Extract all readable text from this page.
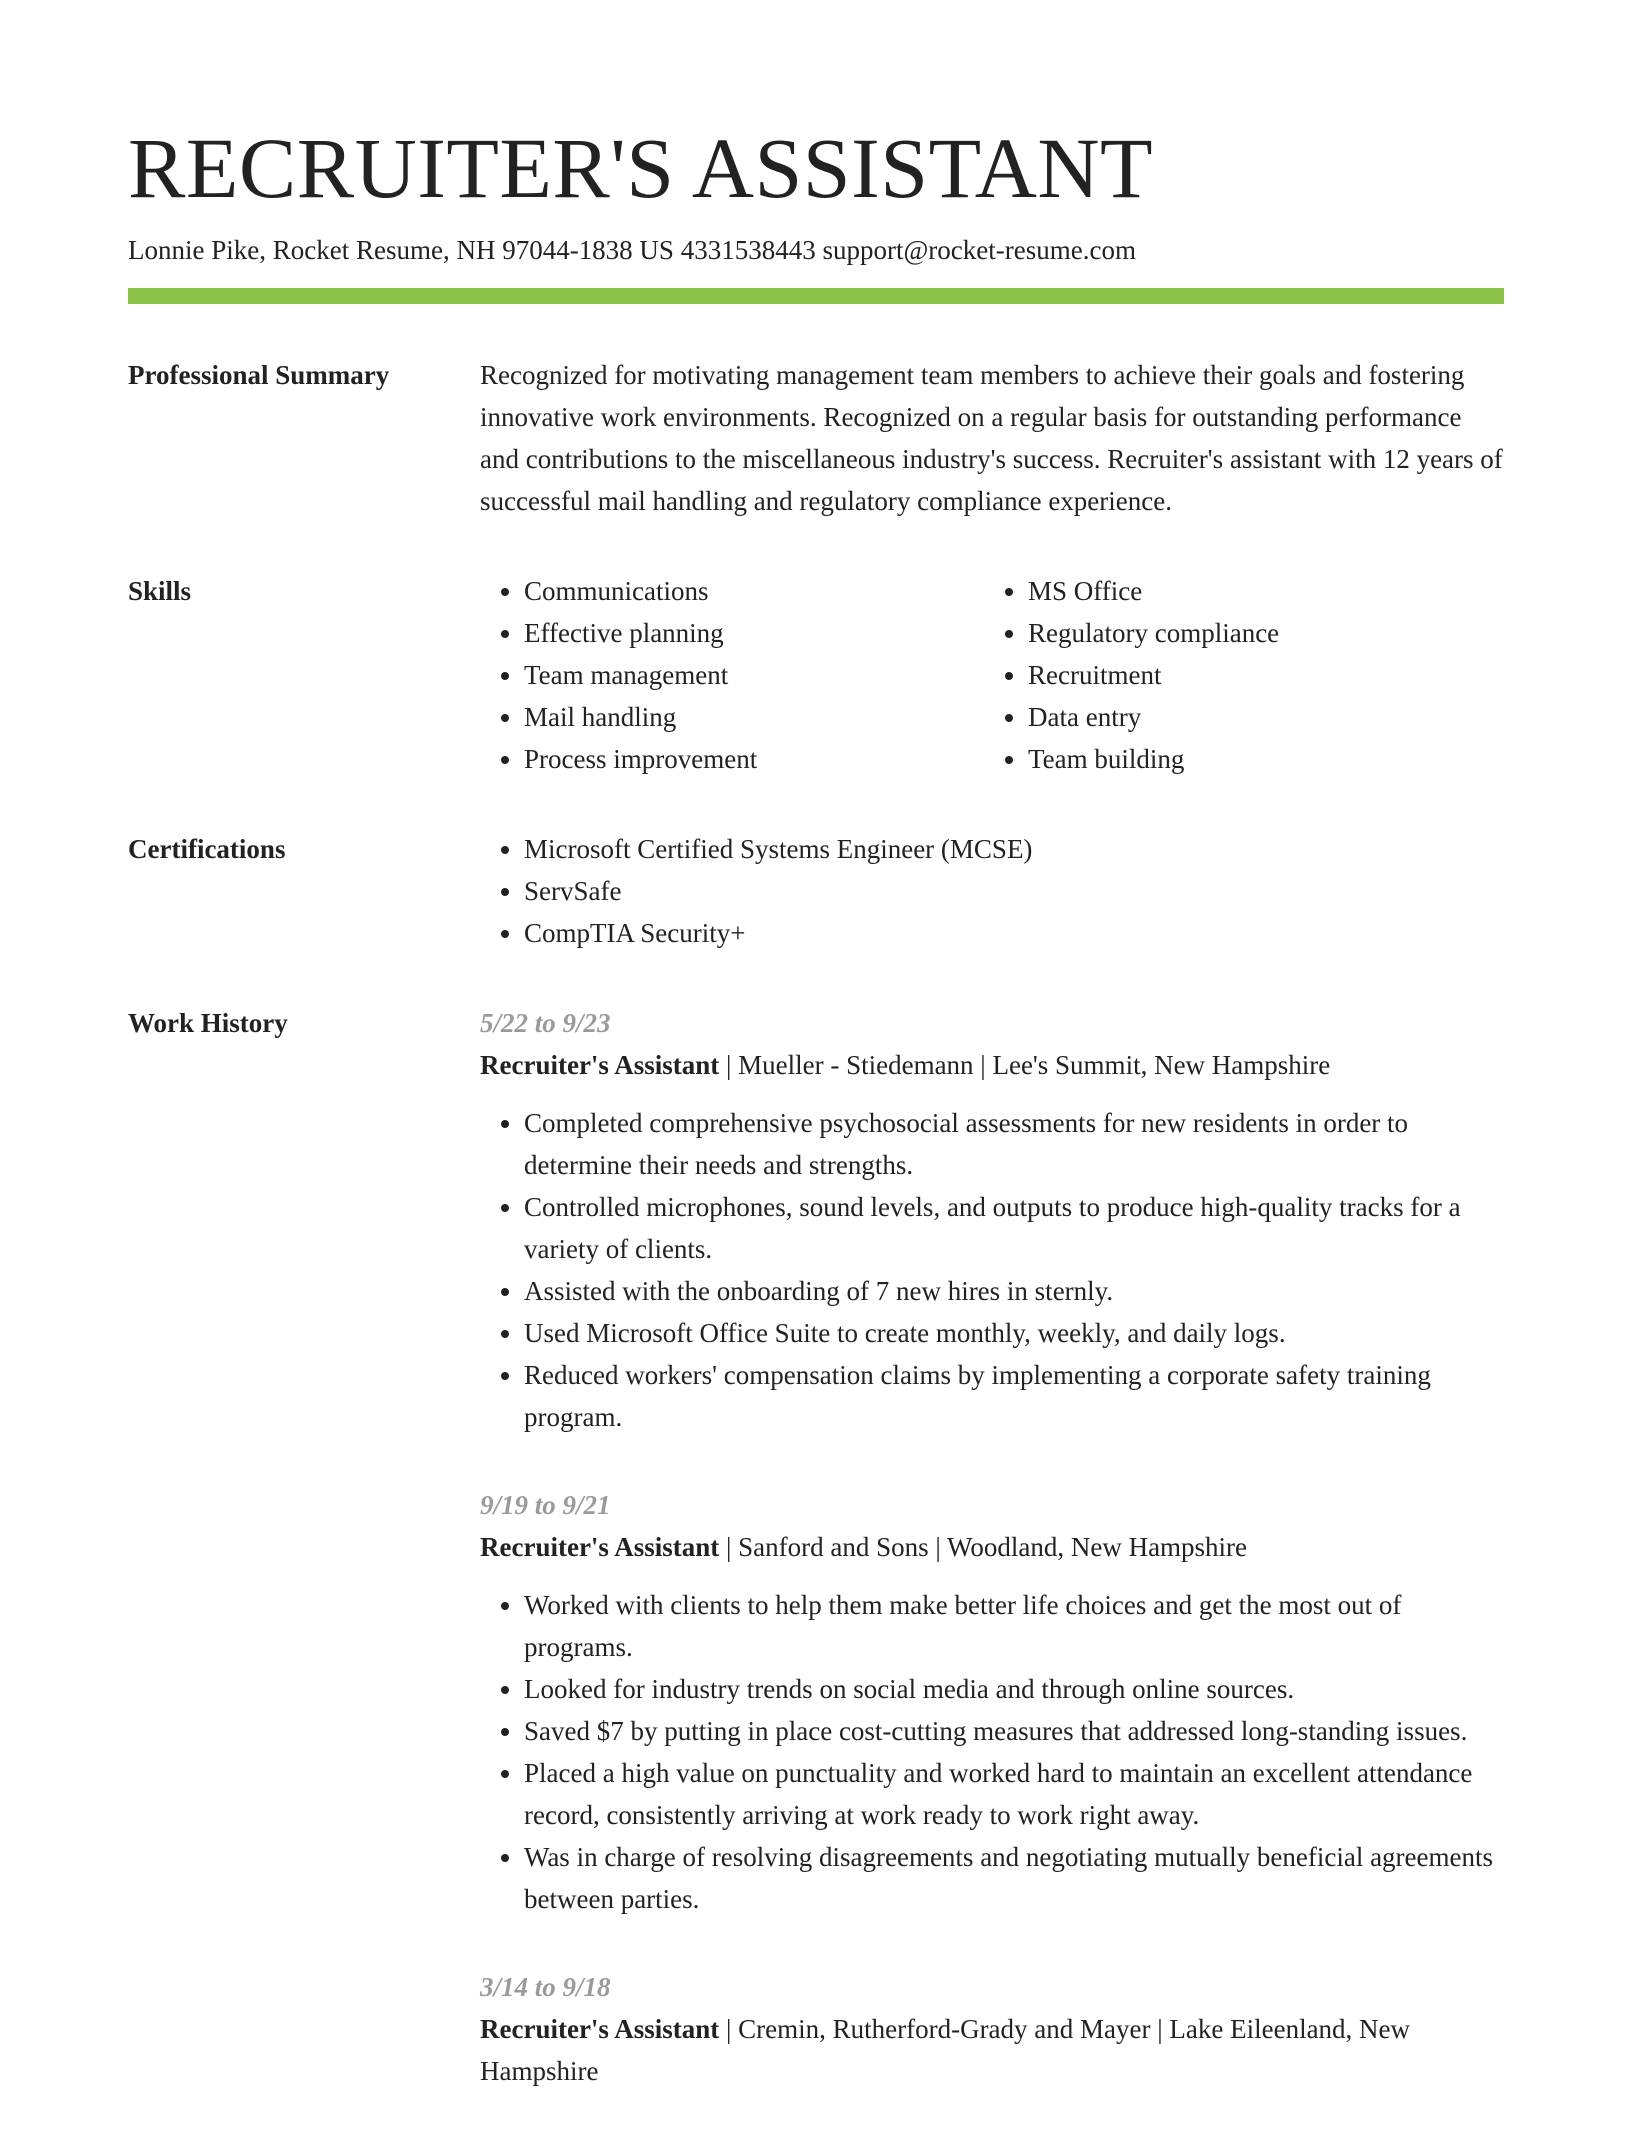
RECRUITER'S ASSISTANT
Lonnie Pike, Rocket Resume, NH 97044-1838 US 4331538443 support@rocket-resume.com
Professional Summary	Recognized for motivating management team members to achieve their goals and fostering innovative work environments. Recognized on a regular basis for outstanding performance and contributions to the miscellaneous industry's success. Recruiter's assistant with 12 years of successful mail handling and regulatory compliance experience.

Skills	• Communications
• Effective planning
• Team management
• Mail handling
• Process improvement
• MS Office
• Regulatory compliance
• Recruitment
• Data entry
• Team building
Certifications	• Microsoft Certified Systems Engineer (MCSE)
• ServSafe
• CompTIA Security+
Work History	5/22 to 9/23
Recruiter's Assistant | Mueller - Stiedemann | Lee's Summit, New Hampshire
• Completed comprehensive psychosocial assessments for new residents in order to determine their needs and strengths.
• Controlled microphones, sound levels, and outputs to produce high-quality tracks for a variety of clients.
• Assisted with the onboarding of 7 new hires in sternly.
• Used Microsoft Office Suite to create monthly, weekly, and daily logs.
• Reduced workers' compensation claims by implementing a corporate safety training program.
9/19 to 9/21
Recruiter's Assistant | Sanford and Sons | Woodland, New Hampshire
• Worked with clients to help them make better life choices and get the most out of programs.
• Looked for industry trends on social media and through online sources.
• Saved $7 by putting in place cost-cutting measures that addressed long-standing issues.
• Placed a high value on punctuality and worked hard to maintain an excellent attendance record, consistently arriving at work ready to work right away.
• Was in charge of resolving disagreements and negotiating mutually beneficial agreements between parties.
3/14 to 9/18
Recruiter's Assistant | Cremin, Rutherford-Grady and Mayer | Lake Eileenland, New Hampshire
